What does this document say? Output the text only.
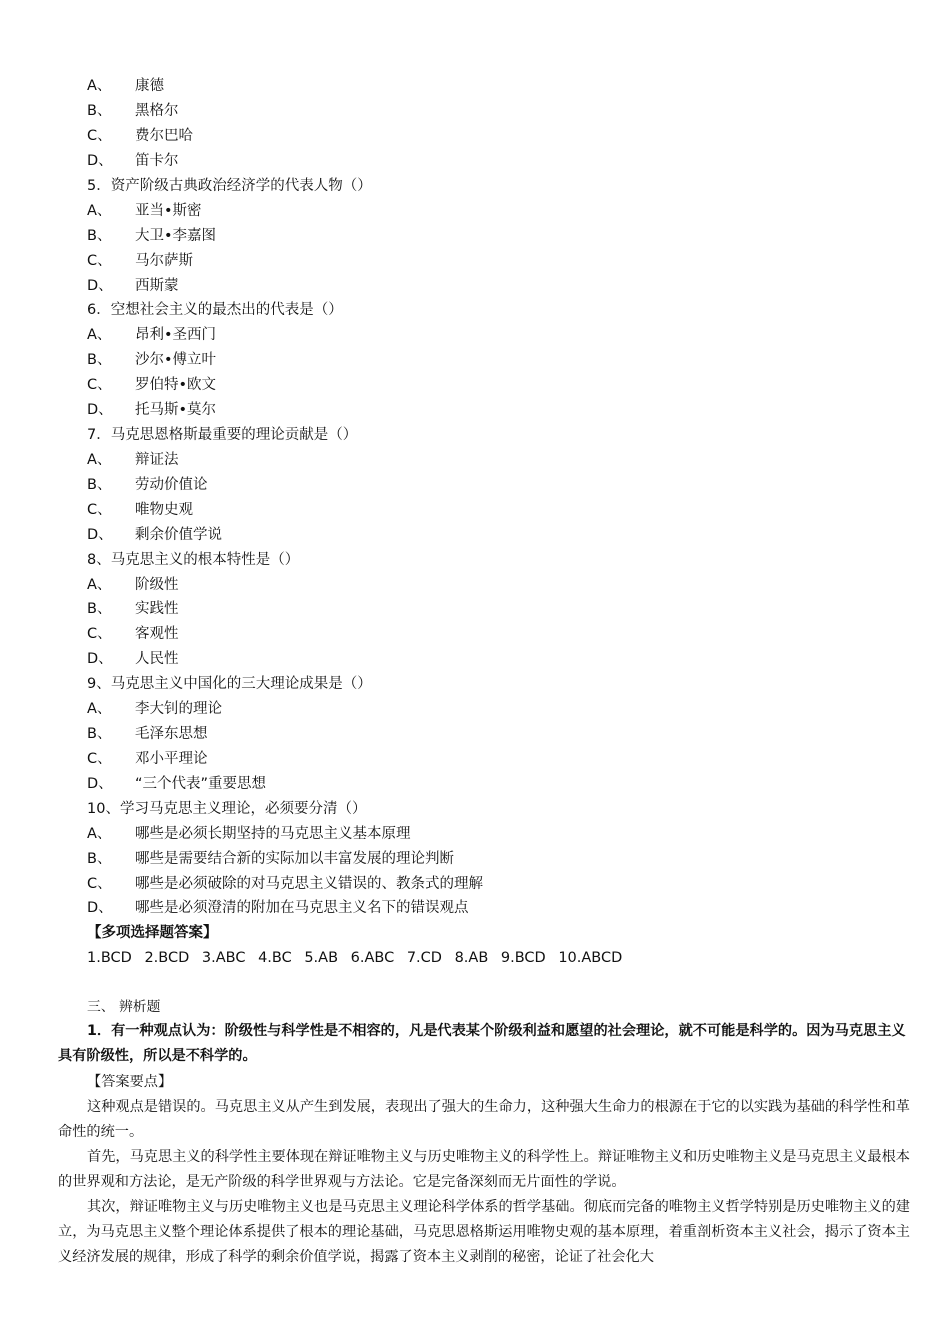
A、 康德
B、 黑格尔
C、 费尔巴哈
D、 笛卡尔
5．资产阶级古典政治经济学的代表人物（）
A、 亚当•斯密
B、 大卫•李嘉图
C、 马尔萨斯
D、 西斯蒙
6．空想社会主义的最杰出的代表是（）
A、 昂利•圣西门
B、 沙尔•傅立叶
C、 罗伯特•欧文
D、 托马斯•莫尔
7．马克思恩格斯最重要的理论贡献是（）
A、 辩证法
B、 劳动价值论
C、 唯物史观
D、 剩余价值学说
8、马克思主义的根本特性是（）
A、 阶级性
B、 实践性
C、 客观性
D、 人民性
9、马克思主义中国化的三大理论成果是（）
A、 李大钊的理论
B、 毛泽东思想
C、 邓小平理论
D、 “三个代表”重要思想
10、学习马克思主义理论，必须要分清（）
A、 哪些是必须长期坚持的马克思主义基本原理
B、 哪些是需要结合新的实际加以丰富发展的理论判断
C、 哪些是必须破除的对马克思主义错误的、教条式的理解
D、 哪些是必须澄清的附加在马克思主义名下的错误观点
【多项选择题答案】
1.BCD 2.BCD 3.ABC 4.BC 5.AB 6.ABC 7.CD 8.AB 9.BCD 10.ABCD
三、 辨析题
1．有一种观点认为：阶级性与科学性是不相容的，凡是代表某个阶级利益和愿望的社会理论，就不可能是科学的。因为马克思主义具有阶级性，所以是不科学的。
【答案要点】
这种观点是错误的。马克思主义从产生到发展，表现出了强大的生命力，这种强大生命力的根源在于它的以实践为基础的科学性和革命性的统一。
首先，马克思主义的科学性主要体现在辩证唯物主义与历史唯物主义的科学性上。辩证唯物主义和历史唯物主义是马克思主义最根本的世界观和方法论，是无产阶级的科学世界观与方法论。它是完备深刻而无片面性的学说。
其次，辩证唯物主义与历史唯物主义也是马克思主义理论科学体系的哲学基础。彻底而完备的唯物主义哲学特别是历史唯物主义的建立，为马克思主义整个理论体系提供了根本的理论基础，马克思恩格斯运用唯物史观的基本原理，着重剖析资本主义社会，揭示了资本主义经济发展的规律，形成了科学的剩余价值学说，揭露了资本主义剥削的秘密，论证了社会化大
